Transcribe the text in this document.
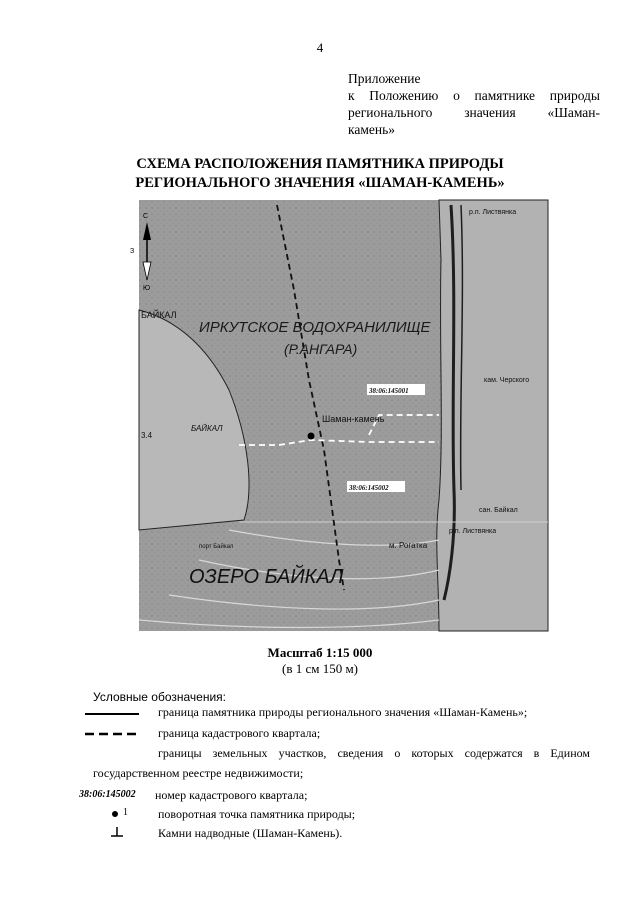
4
Приложение
к Положению о памятнике природы
регионального значения «Шаман-
камень»
СХЕМА РАСПОЛОЖЕНИЯ ПАМЯТНИКА ПРИРОДЫ
РЕГИОНАЛЬНОГО ЗНАЧЕНИЯ «ШАМАН-КАМЕНЬ»
С
З
Ю
ИРКУТСКОЕ ВОДОХРАНИЛИЩЕ
(Р.АНГАРА)
ОЗЕРО БАЙКАЛ
БАЙКАЛ
БАЙКАЛ
3.4
Шаман-камень
38:06:145001
38:06:145002
р.п. Листвянка
р.п. Листвянка
кам. Черского
сан. Байкал
м. Рогатка
порт Байкал
Масштаб 1:15 000
(в 1 см 150 м)
Условные обозначения:
граница памятника природы регионального значения «Шаман-Камень»;
граница кадастрового квартала;
границы земельных участков, сведения о которых содержатся в Едином
государственном реестре недвижимости;
38:06:145002 номер кадастрового квартала;
1	поворотная точка памятника природы;
Камни надводные (Шаман-Камень).
